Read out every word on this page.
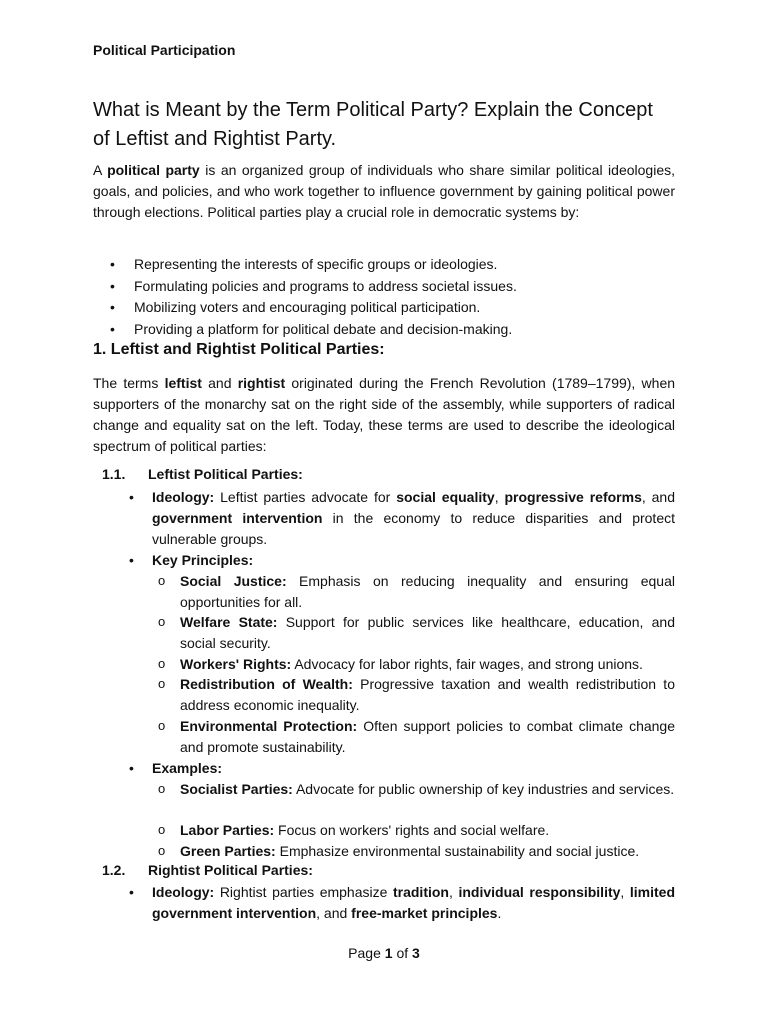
Political Participation
What is Meant by the Term Political Party? Explain the Concept of Leftist and Rightist Party.

A political party is an organized group of individuals who share similar political ideologies, goals, and policies, and who work together to influence government by gaining political power through elections. Political parties play a crucial role in democratic systems by:

• Representing the interests of specific groups or ideologies.
• Formulating policies and programs to address societal issues.
• Mobilizing voters and encouraging political participation.
• Providing a platform for political debate and decision-making.
1. Leftist and Rightist Political Parties:

The terms leftist and rightist originated during the French Revolution (1789–1799), when supporters of the monarchy sat on the right side of the assembly, while supporters of radical change and equality sat on the left. Today, these terms are used to describe the ideological spectrum of political parties:

1.1. Leftist Political Parties:
• Ideology: Leftist parties advocate for social equality, progressive reforms, and government intervention in the economy to reduce disparities and protect vulnerable groups.
• Key Principles:
o Social Justice: Emphasis on reducing inequality and ensuring equal opportunities for all.
o Welfare State: Support for public services like healthcare, education, and social security.
o Workers' Rights: Advocacy for labor rights, fair wages, and strong unions.
o Redistribution of Wealth: Progressive taxation and wealth redistribution to address economic inequality.
o Environmental Protection: Often support policies to combat climate change and promote sustainability.
• Examples:
o Socialist Parties: Advocate for public ownership of key industries and services.
o Labor Parties: Focus on workers' rights and social welfare.
o Green Parties: Emphasize environmental sustainability and social justice.
1.2. Rightist Political Parties:
• Ideology: Rightist parties emphasize tradition, individual responsibility, limited government intervention, and free-market principles.
Page 1 of 3
